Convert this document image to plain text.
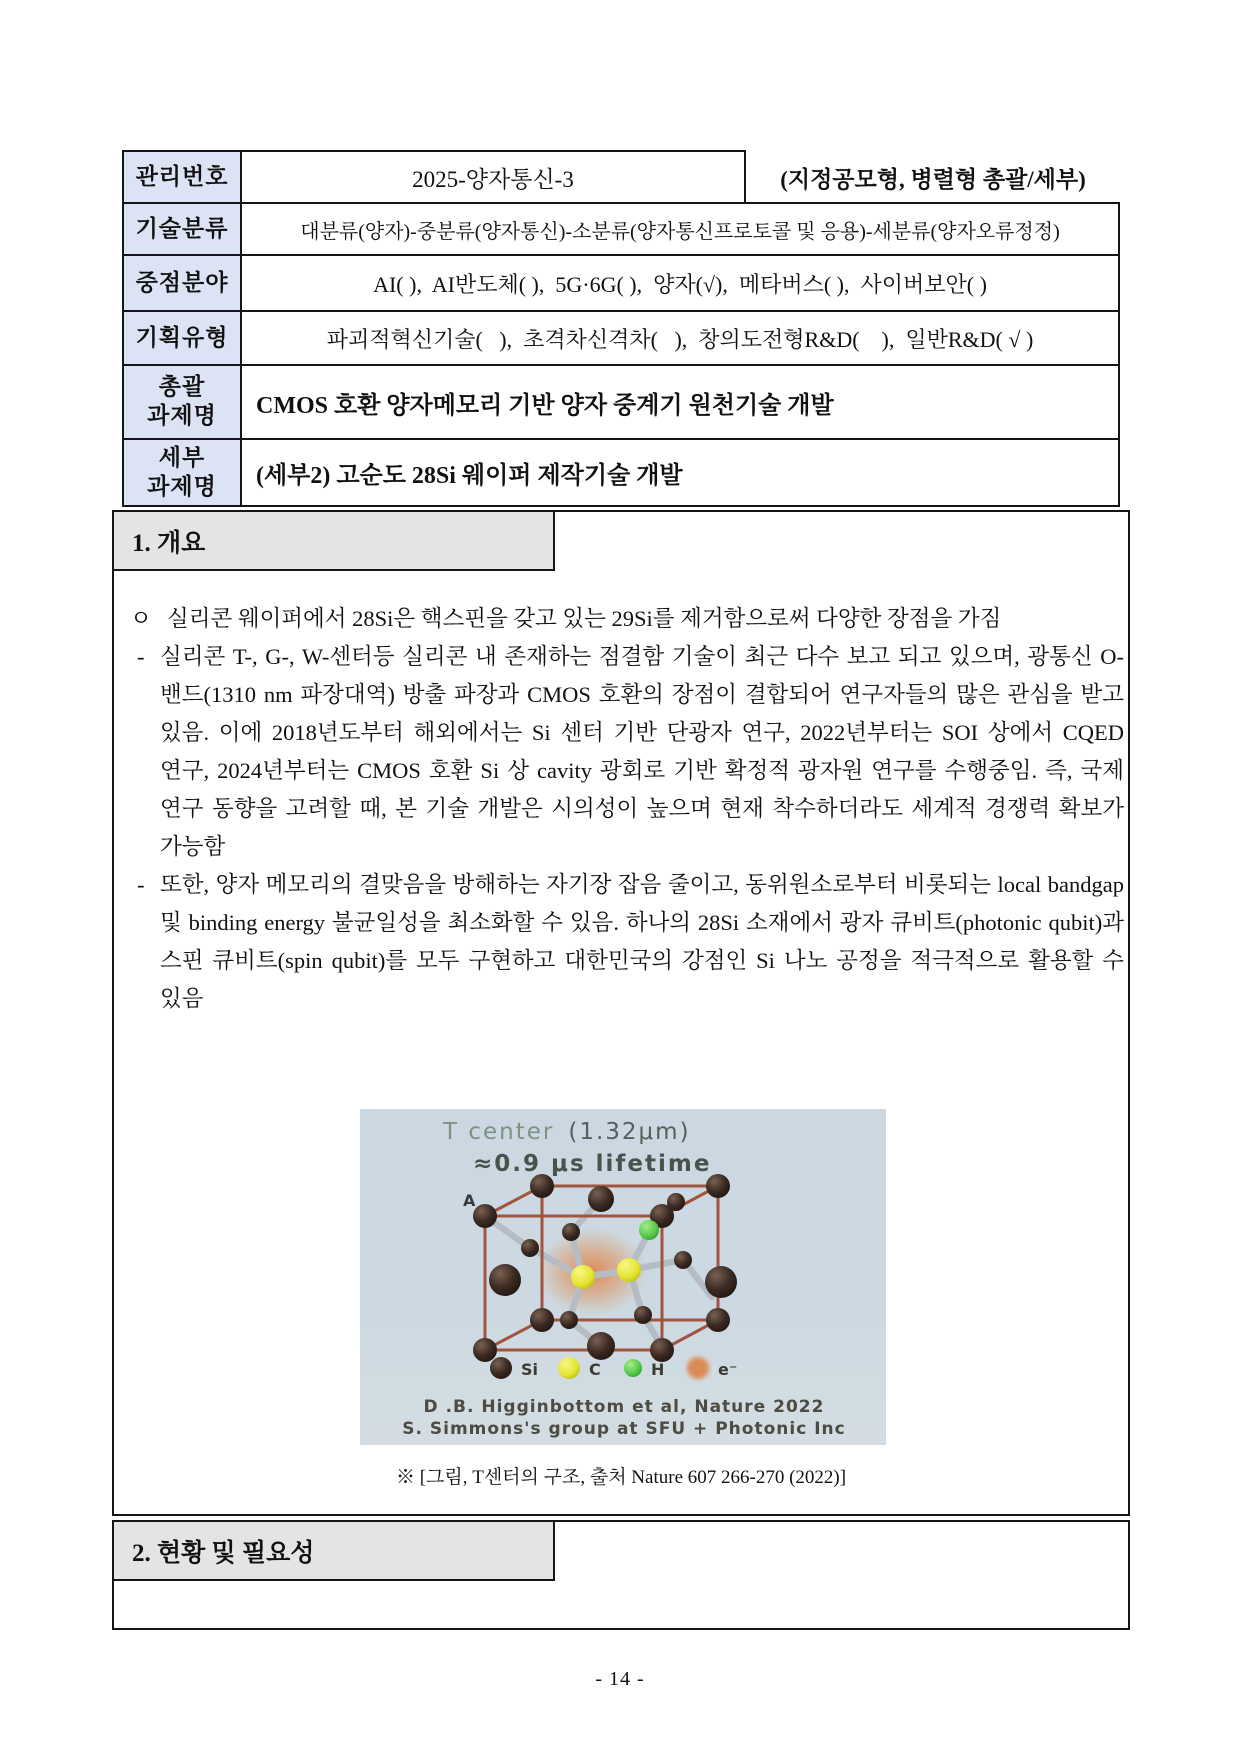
관리번호	2025-양자통신-3	(지정공모형, 병렬형 총괄/세부)
기술분류	대분류(양자)-중분류(양자통신)-소분류(양자통신프로토콜 및 응용)-세분류(양자오류정정)
중점분야	AI( ),  AI반도체( ),  5G·6G( ),  양자(√),  메타버스( ),  사이버보안( )
기획유형	파괴적혁신기술(   ),  초격차신격차(   ),  창의도전형R&D(    ),  일반R&D( √ )
총괄
과제명	CMOS 호환 양자메모리 기반 양자 중계기 원천기술 개발
세부
과제명	(세부2) 고순도 28Si 웨이퍼 제작기술 개발
1. 개요
ㅇ 실리콘 웨이퍼에서 28Si은 핵스핀을 갖고 있는 29Si를 제거함으로써 다양한 장점을 가짐
- 실리콘 T-, G-, W-센터등 실리콘 내 존재하는 점결함 기술이 최근 다수 보고 되고 있으며, 광통신 O-밴드(1310 nm 파장대역) 방출 파장과 CMOS 호환의 장점이 결합되어 연구자들의 많은 관심을 받고 있음. 이에 2018년도부터 해외에서는 Si 센터 기반 단광자 연구, 2022년부터는 SOI 상에서 CQED 연구, 2024년부터는 CMOS 호환 Si 상 cavity 광회로 기반 확정적 광자원 연구를 수행중임. 즉, 국제 연구 동향을 고려할 때, 본 기술 개발은 시의성이 높으며 현재 착수하더라도 세계적 경쟁력 확보가 가능함
- 또한, 양자 메모리의 결맞음을 방해하는 자기장 잡음 줄이고, 동위원소로부터 비롯되는 local bandgap 및 binding energy 불균일성을 최소화할 수 있음. 하나의 28Si 소재에서 광자 큐비트(photonic qubit)과 스핀 큐비트(spin qubit)를 모두 구현하고 대한민국의 강점인 Si 나노 공정을 적극적으로 활용할 수 있음
Si	C	H	e⁻
D .B. Higginbottom et al, Nature 2022
S. Simmons's group at SFU + Photonic Inc
T center (1.32μm)
≈0.9 μs lifetime
A
※ [그림, T센터의 구조, 출처 Nature 607 266-270 (2022)]
2. 현황 및 필요성
- 14 -
